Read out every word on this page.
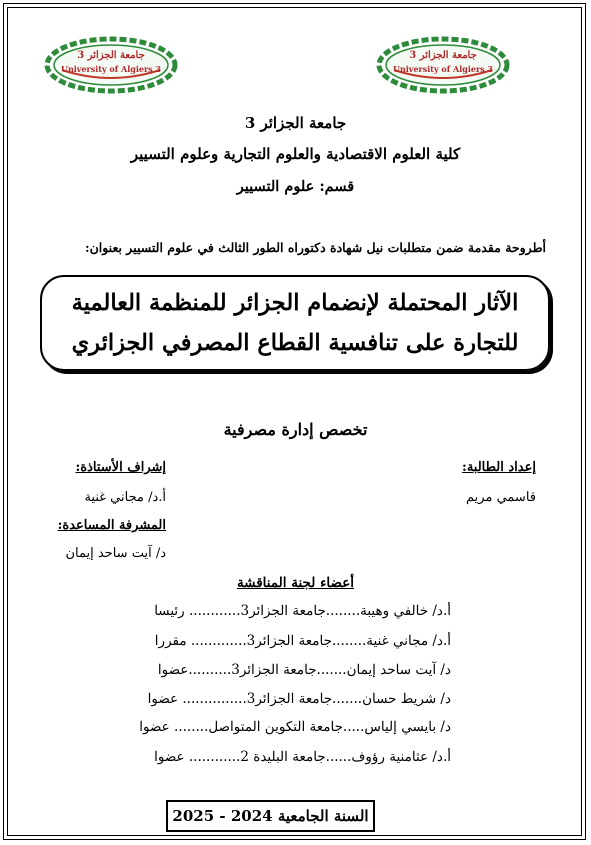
جامعة الجزائر 3
University of Algiers 3
جامعة الجزائر 3
University of Algiers 3
جامعة الجزائر 3
كلية العلوم الاقتصادية والعلوم التجارية وعلوم التسيير
قسم: علوم التسيير
أطروحة مقدمة ضمن متطلبات نيل شهادة دكتوراه الطور الثالث في علوم التسيير بعنوان:
الآثار المحتملة لإنضمام الجزائر للمنظمة العالمية
للتجارة على تنافسية القطاع المصرفي الجزائري
تخصص إدارة مصرفية
إعداد الطالبة:
قاسمي مريم
إشراف الأستاذة:
أ.د/ مجاني غنية
المشرفة المساعدة:
د/ آيت ساحد إيمان
أعضاء لجنة المناقشة
أ.د/ خالفي وهيبة........جامعة الجزائر3............ رئيسا
أ.د/ مجاني غنية........جامعة الجزائر3............. مقررا
د/ آيت ساحد إيمان.......جامعة الجزائر3..........عضوا
د/ شريط حسان.......جامعة الجزائر3............... عضوا
د/ بايسي إلياس.....جامعة التكوين المتواصل........ عضوا
أ.د/ عثامنية رؤوف......جامعة البليدة 2............ عضوا
السنة الجامعية 2024 - 2025
